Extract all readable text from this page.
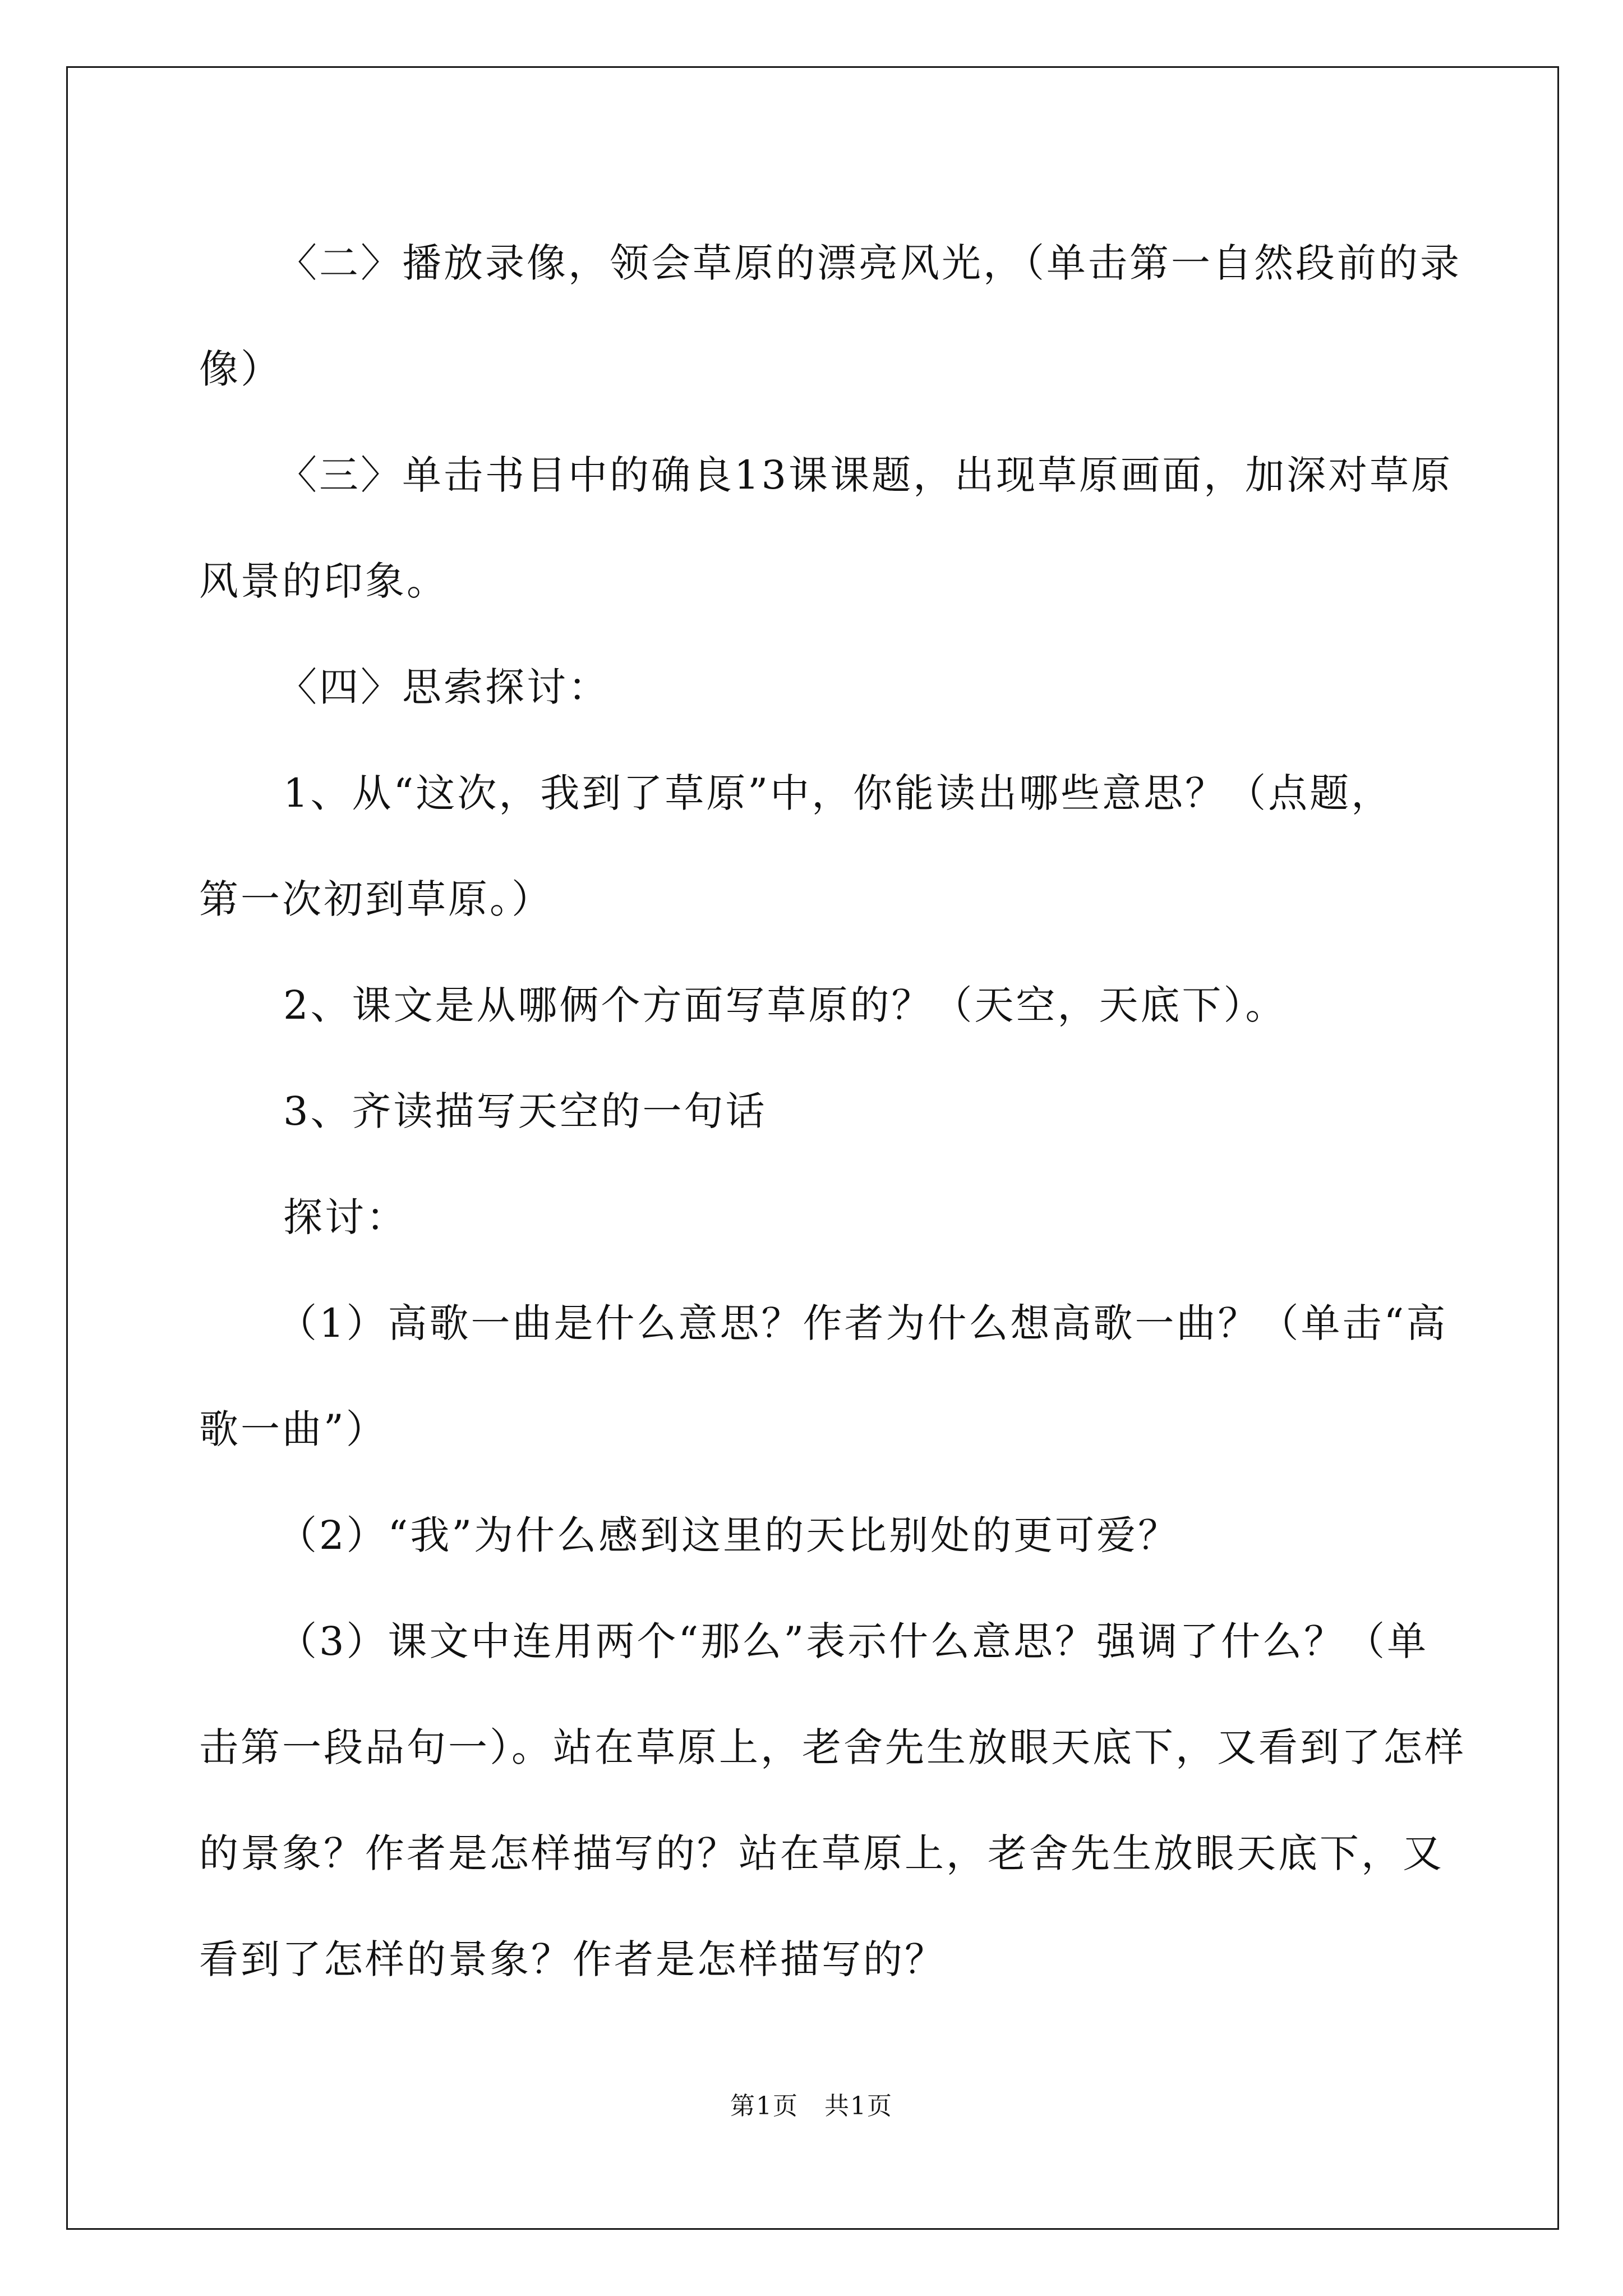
〈二〉播放录像，领会草原的漂亮风光，（单击第一自然段前的录

像）

〈三〉单击书目中的确良13课课题，出现草原画面，加深对草原

风景的印象。

〈四〉思索探讨：

1、从“这次，我到了草原”中，你能读出哪些意思？（点题，

第一次初到草原。）

2、课文是从哪俩个方面写草原的？（天空，天底下）。

3、齐读描写天空的一句话

探讨：

（1）高歌一曲是什么意思？作者为什么想高歌一曲？（单击“高

歌一曲”）

（2）“我”为什么感到这里的天比别处的更可爱？

（3）课文中连用两个“那么”表示什么意思？强调了什么？（单

击第一段品句一）。站在草原上，老舍先生放眼天底下，又看到了怎样

的景象？作者是怎样描写的？站在草原上，老舍先生放眼天底下，又

看到了怎样的景象？作者是怎样描写的？

第1页　共1页
